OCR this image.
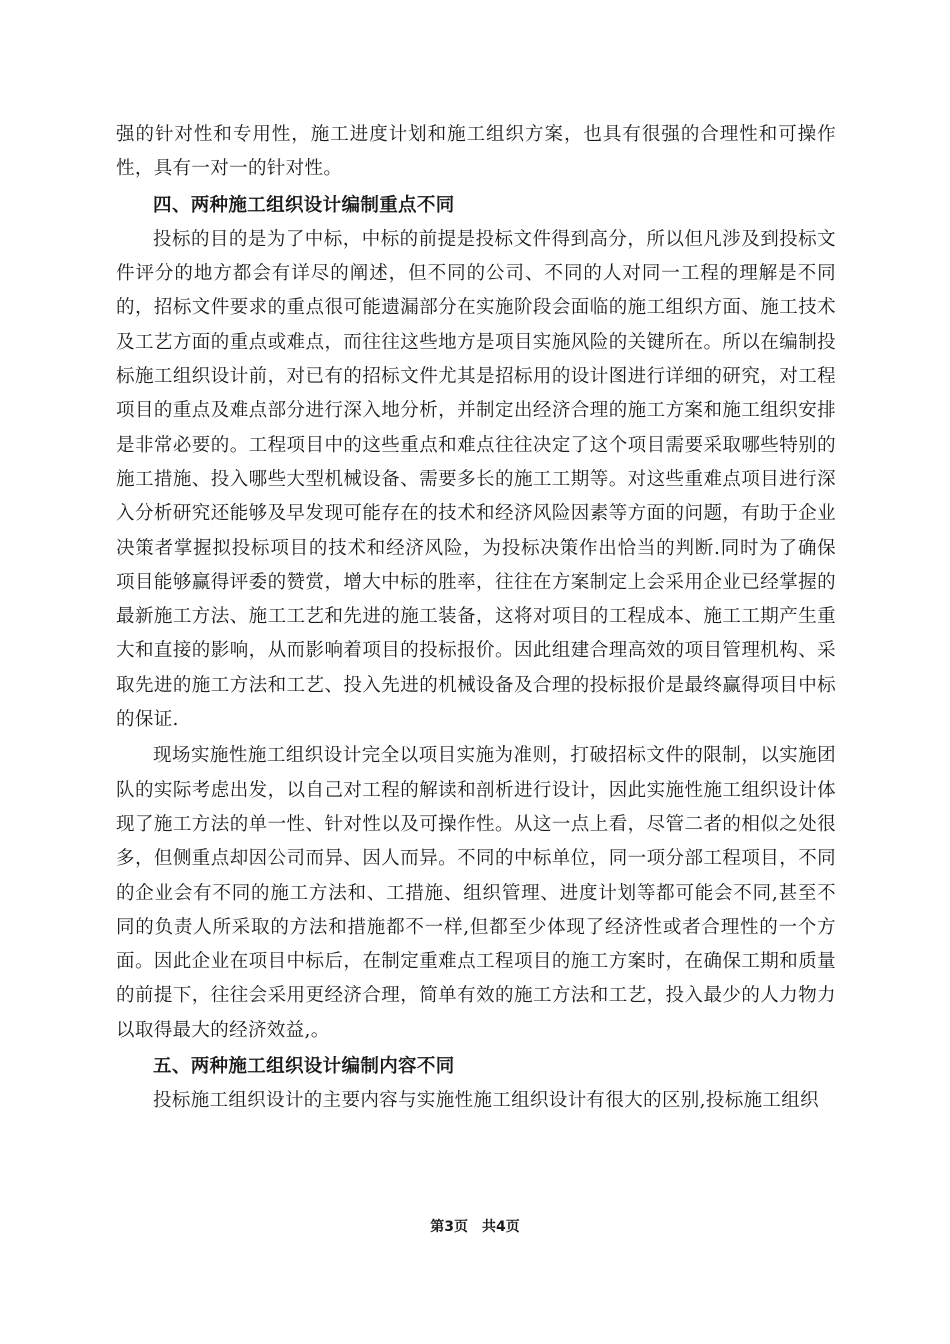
强的针对性和专用性，施工进度计划和施工组织方案，也具有很强的合理性和可操作性，具有一对一的针对性。

四、两种施工组织设计编制重点不同

投标的目的是为了中标，中标的前提是投标文件得到高分，所以但凡涉及到投标文件评分的地方都会有详尽的阐述，但不同的公司、不同的人对同一工程的理解是不同的，招标文件要求的重点很可能遗漏部分在实施阶段会面临的施工组织方面、施工技术及工艺方面的重点或难点，而往往这些地方是项目实施风险的关键所在。所以在编制投标施工组织设计前，对已有的招标文件尤其是招标用的设计图进行详细的研究，对工程项目的重点及难点部分进行深入地分析，并制定出经济合理的施工方案和施工组织安排是非常必要的。工程项目中的这些重点和难点往往决定了这个项目需要采取哪些特别的施工措施、投入哪些大型机械设备、需要多长的施工工期等。对这些重难点项目进行深入分析研究还能够及早发现可能存在的技术和经济风险因素等方面的问题，有助于企业决策者掌握拟投标项目的技术和经济风险，为投标决策作出恰当的判断.同时为了确保项目能够赢得评委的赞赏，增大中标的胜率，往往在方案制定上会采用企业已经掌握的最新施工方法、施工工艺和先进的施工装备，这将对项目的工程成本、施工工期产生重大和直接的影响，从而影响着项目的投标报价。因此组建合理高效的项目管理机构、采取先进的施工方法和工艺、投入先进的机械设备及合理的投标报价是最终赢得项目中标的保证.

现场实施性施工组织设计完全以项目实施为准则，打破招标文件的限制，以实施团队的实际考虑出发，以自己对工程的解读和剖析进行设计，因此实施性施工组织设计体现了施工方法的单一性、针对性以及可操作性。从这一点上看，尽管二者的相似之处很多，但侧重点却因公司而异、因人而异。不同的中标单位，同一项分部工程项目，不同的企业会有不同的施工方法和、工措施、组织管理、进度计划等都可能会不同,甚至不同的负责人所采取的方法和措施都不一样,但都至少体现了经济性或者合理性的一个方面。因此企业在项目中标后，在制定重难点工程项目的施工方案时，在确保工期和质量的前提下，往往会采用更经济合理，简单有效的施工方法和工艺，投入最少的人力物力以取得最大的经济效益,。

五、两种施工组织设计编制内容不同

投标施工组织设计的主要内容与实施性施工组织设计有很大的区别,投标施工组织

第3页 共4页
